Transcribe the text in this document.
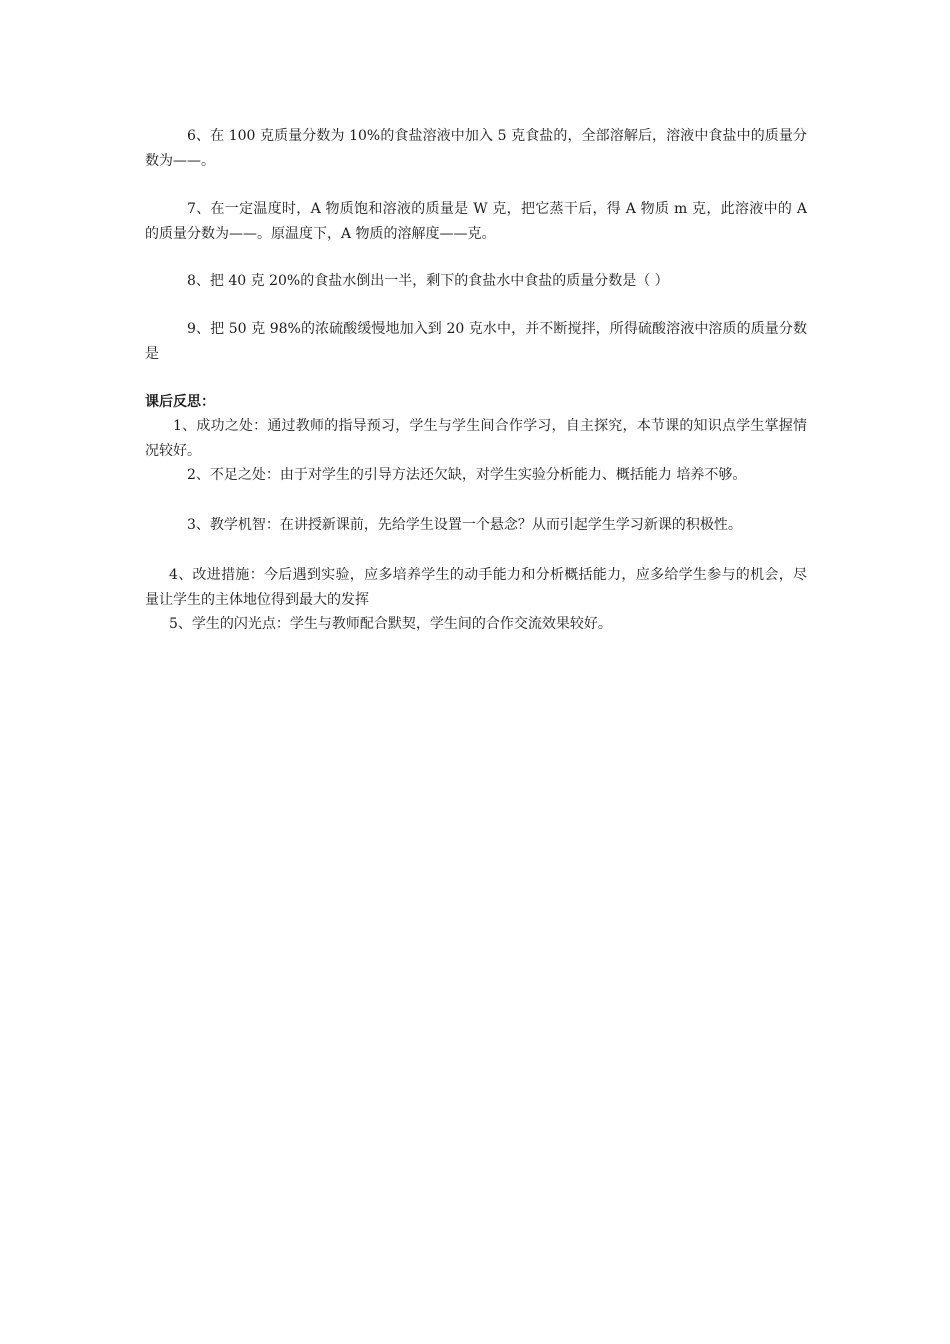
6、在 100 克质量分数为 10%的食盐溶液中加入 5 克食盐的，全部溶解后，溶液中食盐中的质量分数为——。

7、在一定温度时，A 物质饱和溶液的质量是 W 克，把它蒸干后，得 A 物质 m 克，此溶液中的 A 的质量分数为——。原温度下，A 物质的溶解度——克。

8、把 40 克 20%的食盐水倒出一半，剩下的食盐水中食盐的质量分数是（ ）

9、把 50 克 98%的浓硫酸缓慢地加入到 20 克水中，并不断搅拌，所得硫酸溶液中溶质的质量分数是

课后反思：

1、成功之处：通过教师的指导预习，学生与学生间合作学习，自主探究，本节课的知识点学生掌握情况较好。

2、不足之处：由于对学生的引导方法还欠缺，对学生实验分析能力、概括能力 培养不够。

3、教学机智：在讲授新课前，先给学生设置一个悬念？从而引起学生学习新课的积极性。

4、改进措施：今后遇到实验，应多培养学生的动手能力和分析概括能力，应多给学生参与的机会，尽量让学生的主体地位得到最大的发挥

5、学生的闪光点：学生与教师配合默契，学生间的合作交流效果较好。
